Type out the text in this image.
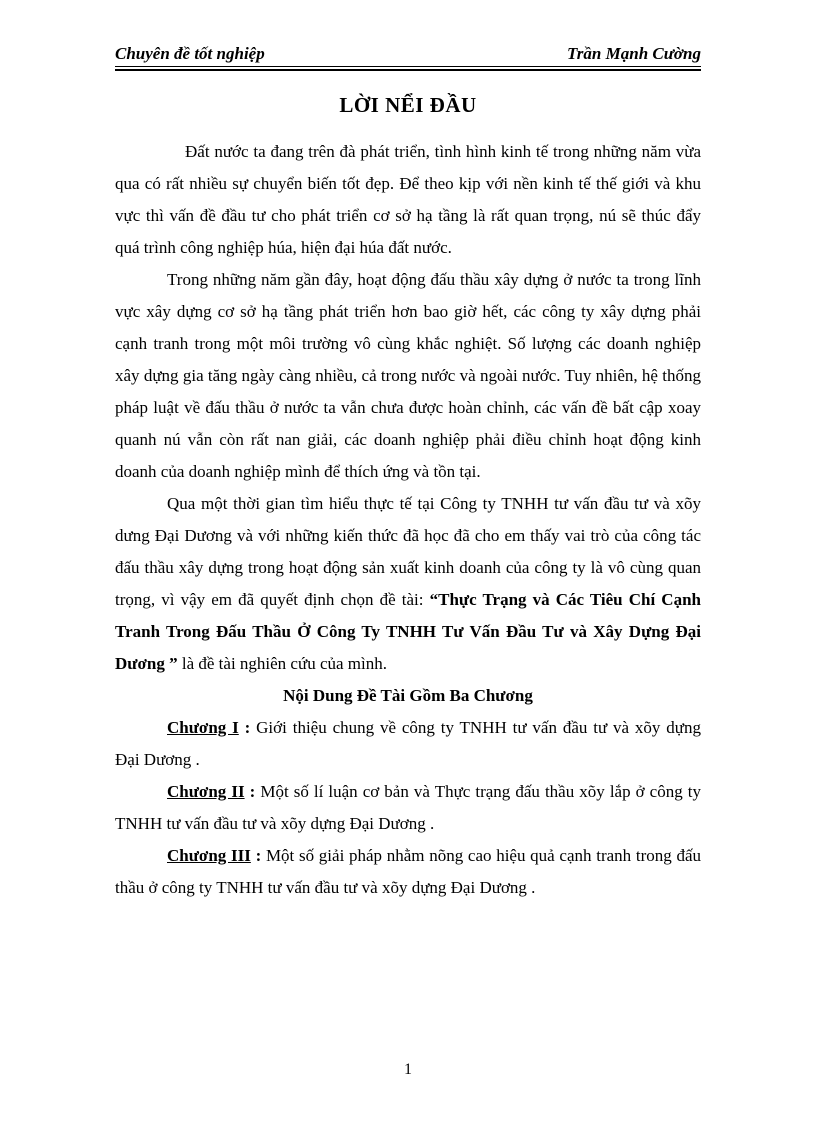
Chuyên đề tốt nghiệp	Trần Mạnh Cường
LỜI NỂI ĐẦU

Đất nước ta đang trên đà phát triển, tình hình kinh tế trong những năm vừa qua có rất nhiều sự chuyển biến tốt đẹp. Để theo kịp với nền kinh tế thế giới và khu vực thì vấn đề đầu tư cho phát triển cơ sở hạ tầng là rất quan trọng, nú sẽ thúc đẩy quá trình công nghiệp húa, hiện đại húa đất nước.

Trong những năm gần đây, hoạt động đấu thầu xây dựng ở nước ta trong lĩnh vực xây dựng cơ sở hạ tầng phát triển hơn bao giờ hết, các công ty xây dựng phải cạnh tranh trong một môi trường vô cùng khắc nghiệt. Số lượng các doanh nghiệp xây dựng gia tăng ngày càng nhiều, cả trong nước và ngoài nước. Tuy nhiên, hệ thống pháp luật về đấu thầu ở nước ta vẫn chưa được hoàn chỉnh, các vấn đề bất cập xoay quanh nú vẫn còn rất nan giải, các doanh nghiệp phải điều chỉnh hoạt động kinh doanh của doanh nghiệp mình để thích ứng và tồn tại.

Qua một thời gian tìm hiểu thực tế tại Công ty TNHH tư vấn đầu tư và xõy dưng Đại Dương và với những kiến thức đã học đã cho em thấy vai trò của công tác đấu thầu xây dựng trong hoạt động sản xuất kinh doanh của công ty là vô cùng quan trọng, vì vậy em đã quyết định chọn đề tài: “Thực Trạng và Các Tiêu Chí Cạnh Tranh Trong Đấu Thầu Ở Công Ty TNHH Tư Vấn Đầu Tư và Xây Dựng Đại Dương ” là đề tài nghiên cứu của mình.

Nội Dung Đề Tài Gồm Ba Chương

Chương I : Giới thiệu chung về công ty TNHH tư vấn đầu tư và xõy dựng Đại Dương .

Chương II : Một số lí luận cơ bản và Thực trạng đấu thầu xõy lắp ở công ty TNHH tư vấn đầu tư và xõy dựng Đại Dương .

Chương III : Một số giải pháp nhằm nõng cao hiệu quả cạnh tranh trong đấu thầu ở công ty TNHH tư vấn đầu tư và xõy dựng Đại Dương .

1
